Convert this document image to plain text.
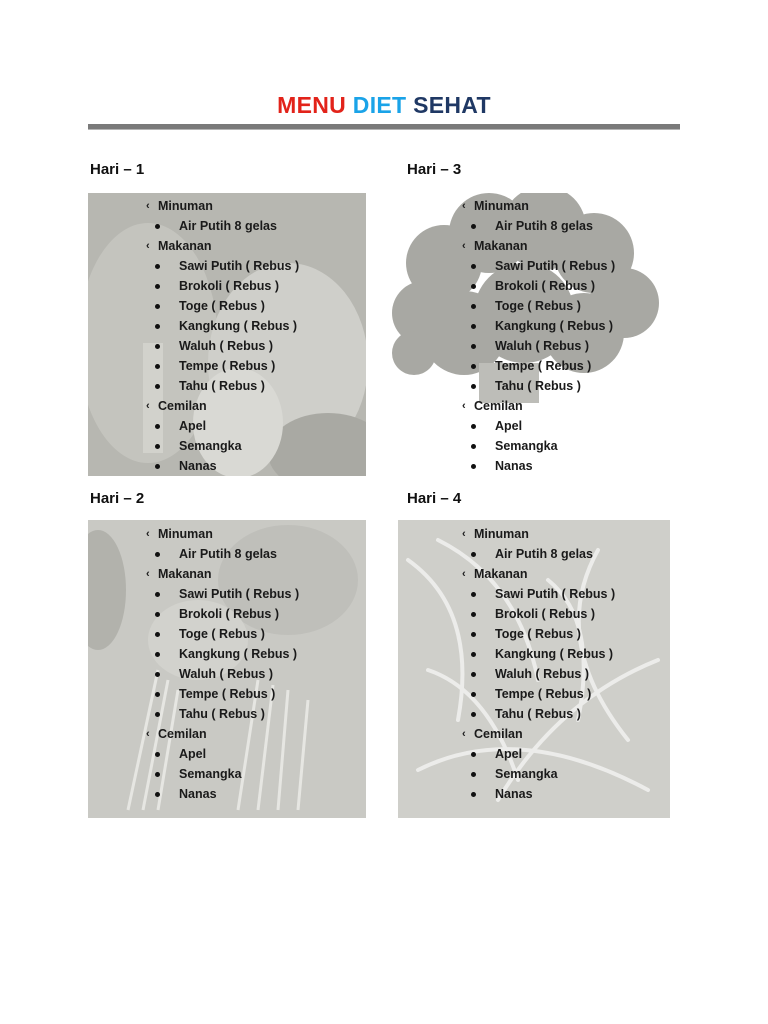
MENU DIET SEHAT
Hari – 1	Hari – 3
Hari – 2	Hari – 4
‹ Minuman
Air Putih 8 gelas
‹ Makanan
Sawi Putih ( Rebus )
Brokoli ( Rebus )
Toge ( Rebus )
Kangkung ( Rebus )
Waluh ( Rebus )
Tempe ( Rebus )
Tahu ( Rebus )
‹ Cemilan
Apel
Semangka
Nanas
‹ Minuman
Air Putih 8 gelas
‹ Makanan
Sawi Putih ( Rebus )
Brokoli ( Rebus )
Toge ( Rebus )
Kangkung ( Rebus )
Waluh ( Rebus )
Tempe ( Rebus )
Tahu ( Rebus )
‹ Cemilan
Apel
Semangka
Nanas
‹ Minuman
Air Putih 8 gelas
‹ Makanan
Sawi Putih ( Rebus )
Brokoli ( Rebus )
Toge ( Rebus )
Kangkung ( Rebus )
Waluh ( Rebus )
Tempe ( Rebus )
Tahu ( Rebus )
‹ Cemilan
Apel
Semangka
Nanas
‹ Minuman
Air Putih 8 gelas
‹ Makanan
Sawi Putih ( Rebus )
Brokoli ( Rebus )
Toge ( Rebus )
Kangkung ( Rebus )
Waluh ( Rebus )
Tempe ( Rebus )
Tahu ( Rebus )
‹ Cemilan
Apel
Semangka
Nanas
